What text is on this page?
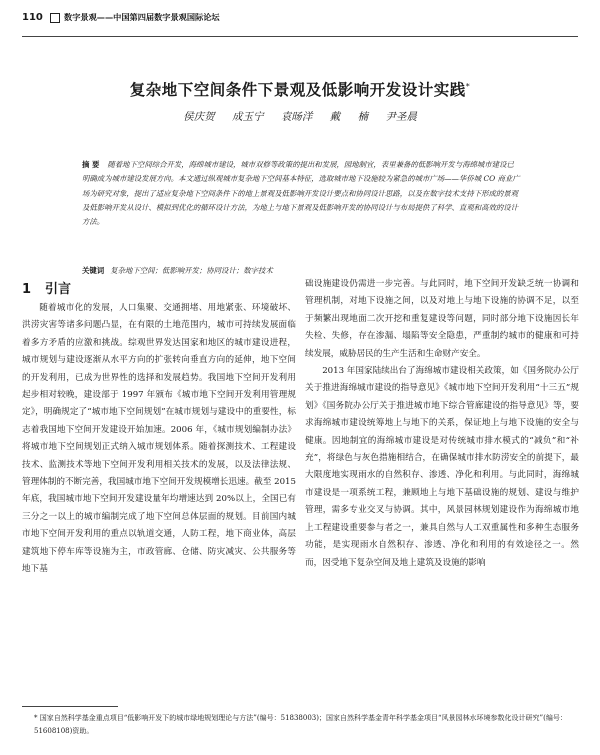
110	数字景观——中国第四届数字景观国际论坛
复杂地下空间条件下景观及低影响开发设计实践*
侯庆贺 成玉宁 袁旸洋 戴 楠 尹圣晨
摘 要 随着地下空间综合开发，海绵城市建设，城市双修等政策的提出和发展，园地制宜，表里兼备的低影响开发与海绵城市建设已明确成为城市建设发展方向。本文通过纵观城市复杂地下空间基本特征，选取城市地下设施较为紧急的城市广场——华侨城 CO 商业广场为研究对象，提出了适应复杂地下空间条件下的地上景观及低影响开发设计要点和协同设计思路，以及在数字技术支持下形成的景观及低影响开发从设计、模拟到优化的循环设计方法，为地上与地下景观及低影响开发的协同设计与布局提供了科学、直观和高效的设计方法。
关键词 复杂地下空间；低影响开发；协同设计；数字技术

1 引言

随着城市化的发展，人口集聚、交通拥堵、用地紧张、环境破坏、洪涝灾害等诸多问题凸显，在有限的土地范围内，城市可持续发展面临着多方矛盾的应激和挑战。综观世界发达国家和地区的城市建设进程，城市规划与建设逐渐从水平方向的扩张转向垂直方向的延伸，地下空间的开发利用，已成为世界性的选择和发展趋势。我国地下空间开发利用起步相对较晚，建设部于 1997 年颁布《城市地下空间开发利用管理规定》，明确规定了“城市地下空间规划”在城市规划与建设中的重要性，标志着我国地下空间开发建设开始加速。2006 年，《城市规划编制办法》将城市地下空间规划正式纳入城市规划体系。随着探测技术、工程建设技术、监测技术等地下空间开发利用相关技术的发展，以及法律法规、管理体制的不断完善，我国城市地下空间开发规模增长迅速。截至 2015 年底，我国城市地下空间开发建设量年均增速达到 20%以上，全国已有三分之一以上的城市编制完成了地下空间总体层面的规划。目前国内城市地下空间开发利用的重点以轨道交通，人防工程，地下商业体，高层建筑地下停车库等设施为主，市政管廊、仓储、防灾减灾、公共服务等地下基

础设施建设仍需进一步完善。与此同时，地下空间开发缺乏统一协调和管理机制，对地下设施之间，以及对地上与地下设施的协调不足，以至于频繁出现地面二次开挖和重复建设等问题，同时部分地下设施因长年失检、失修，存在渗漏、塌陷等安全隐患，严重制约城市的健康和可持续发展，威胁居民的生产生活和生命财产安全。

2013 年国家陆续出台了海绵城市建设相关政策，如《国务院办公厅关于推进海绵城市建设的指导意见》《城市地下空间开发利用“十三五”规划》《国务院办公厅关于推进城市地下综合管廊建设的指导意见》等，要求海绵城市建设统筹地上与地下的关系，保证地上与地下设施的安全与健康。因地制宜的海绵城市建设是对传统城市排水模式的“减负”和“补充”，将绿色与灰色措施相结合，在确保城市排水防涝安全的前提下，最大限度地实现雨水的自然积存、渗透、净化和利用。与此同时，海绵城市建设是一项系统工程，兼顾地上与地下基础设施的规划、建设与维护管理，需多专业交叉与协调。其中，风景园林规划建设作为海绵城市地上工程建设重要参与者之一，兼具自然与人工双重属性和多种生态服务功能，是实现雨水自然积存、渗透、净化和利用的有效途径之一。然而，因受地下复杂空间及地上建筑及设施的影响

* 国家自然科学基金重点项目“低影响开发下的城市绿地规划理论与方法”(编号：51838003)；国家自然科学基金青年科学基金项目“风景园林水环境参数化设计研究”(编号：51608108)资助。
